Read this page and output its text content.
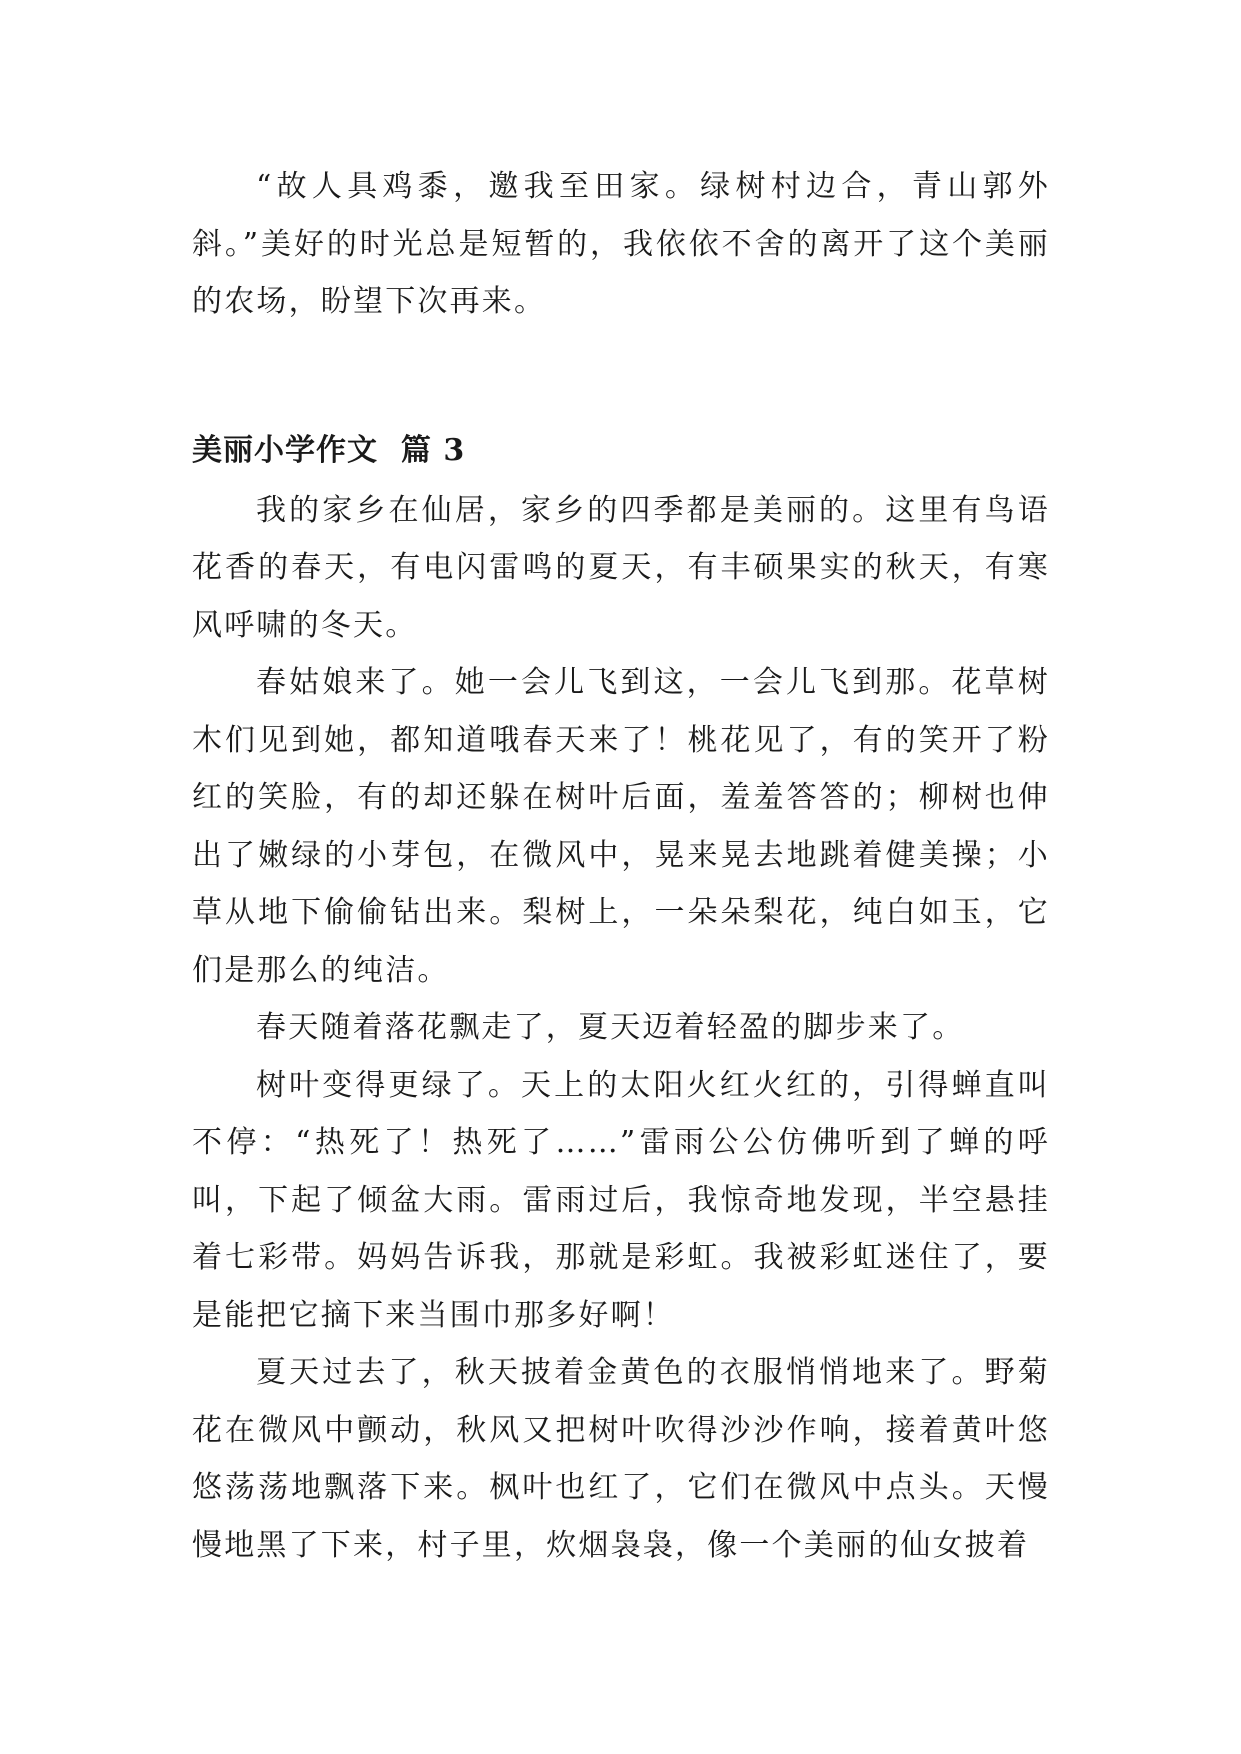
“故人具鸡黍，邀我至田家。绿树村边合，青山郭外斜。”美好的时光总是短暂的，我依依不舍的离开了这个美丽的农场，盼望下次再来。

美丽小学作文  篇 3

我的家乡在仙居，家乡的四季都是美丽的。这里有鸟语花香的春天，有电闪雷鸣的夏天，有丰硕果实的秋天，有寒风呼啸的冬天。

春姑娘来了。她一会儿飞到这，一会儿飞到那。花草树木们见到她，都知道哦春天来了！桃花见了，有的笑开了粉红的笑脸，有的却还躲在树叶后面，羞羞答答的；柳树也伸出了嫩绿的小芽包，在微风中，晃来晃去地跳着健美操；小草从地下偷偷钻出来。梨树上，一朵朵梨花，纯白如玉，它们是那么的纯洁。

春天随着落花飘走了，夏天迈着轻盈的脚步来了。

树叶变得更绿了。天上的太阳火红火红的，引得蝉直叫不停：“热死了！热死了……”雷雨公公仿佛听到了蝉的呼叫，下起了倾盆大雨。雷雨过后，我惊奇地发现，半空悬挂着七彩带。妈妈告诉我，那就是彩虹。我被彩虹迷住了，要是能把它摘下来当围巾那多好啊！

夏天过去了，秋天披着金黄色的衣服悄悄地来了。野菊花在微风中颤动，秋风又把树叶吹得沙沙作响，接着黄叶悠悠荡荡地飘落下来。枫叶也红了，它们在微风中点头。天慢慢地黑了下来，村子里，炊烟袅袅，像一个美丽的仙女披着
